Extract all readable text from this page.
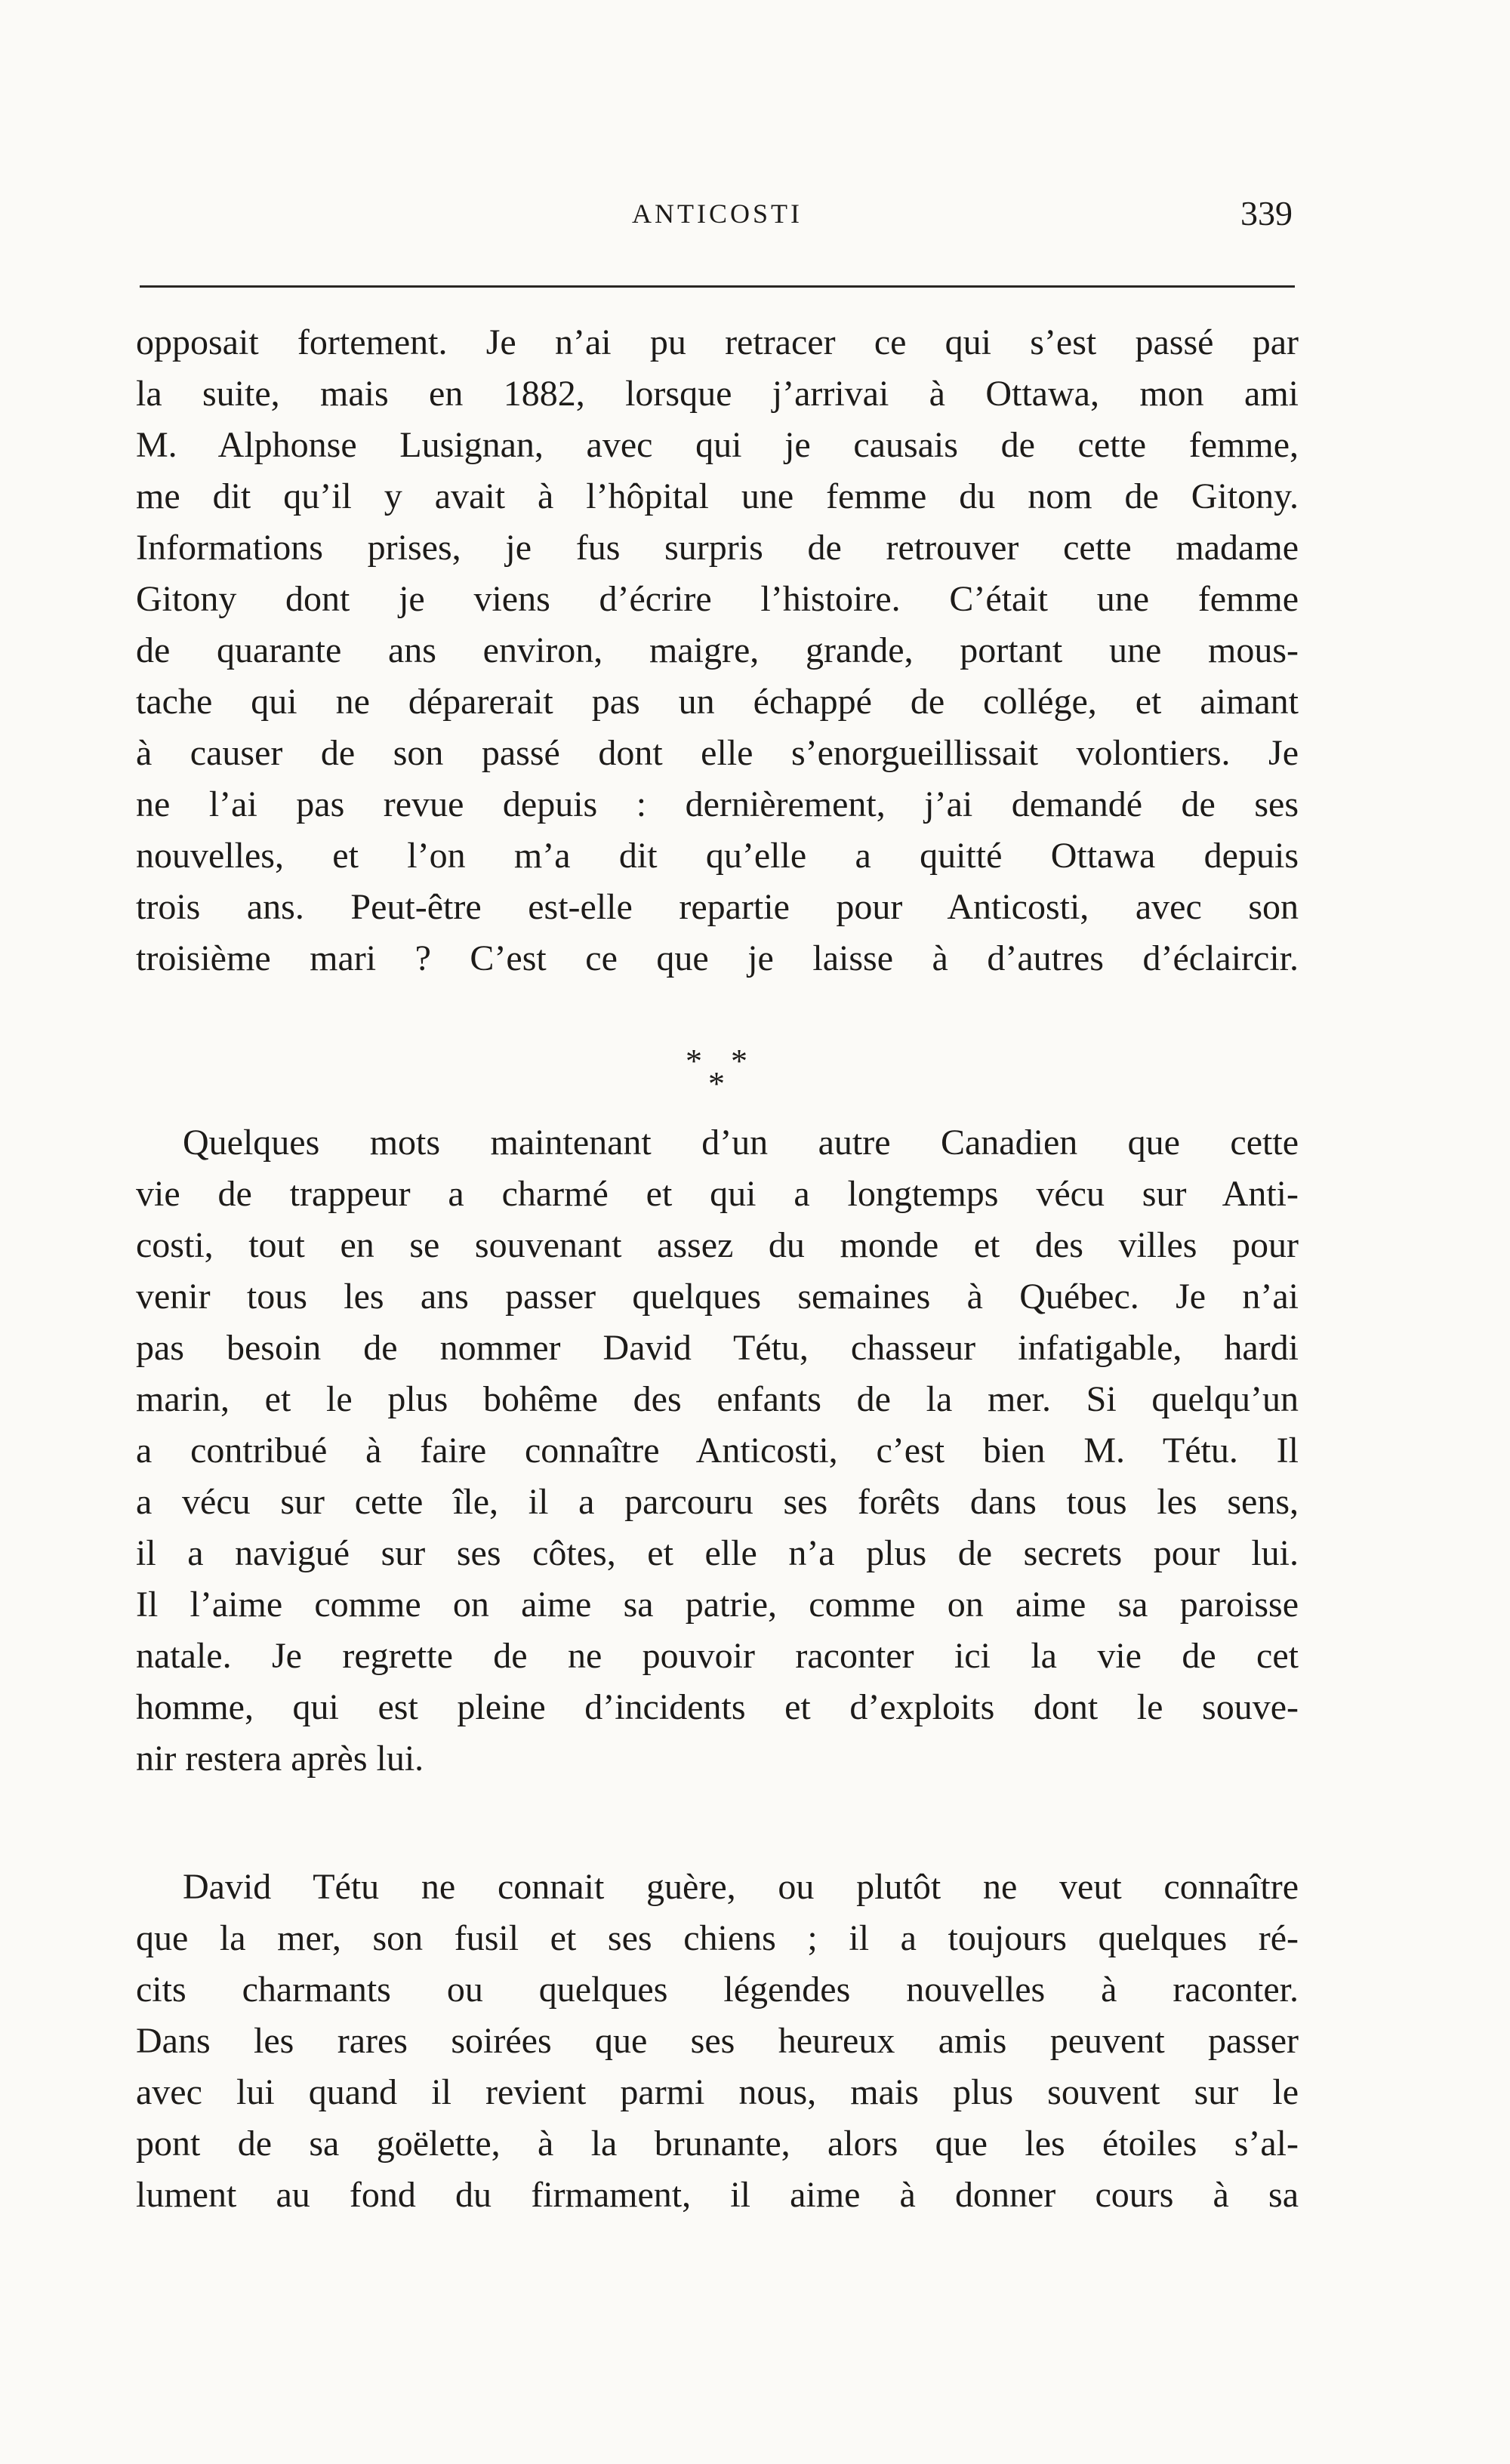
ANTICOSTI	339
opposait fortement. Je n’ai pu retracer ce qui s’est passé par
la suite, mais en 1882, lorsque j’arrivai à Ottawa, mon ami
M. Alphonse Lusignan, avec qui je causais de cette femme,
me dit qu’il y avait à l’hôpital une femme du nom de Gitony.
Informations prises, je fus surpris de retrouver cette madame
Gitony dont je viens d’écrire l’histoire. C’était une femme
de quarante ans environ, maigre, grande, portant une mous-
tache qui ne déparerait pas un échappé de collége, et aimant
à causer de son passé dont elle s’enorgueillissait volontiers. Je
ne l’ai pas revue depuis : dernièrement, j’ai demandé de ses
nouvelles, et l’on m’a dit qu’elle a quitté Ottawa depuis
trois ans. Peut-être est-elle repartie pour Anticosti, avec son
troisième mari ? C’est ce que je laisse à d’autres d’éclaircir.
* *
*
Quelques mots maintenant d’un autre Canadien que cette
vie de trappeur a charmé et qui a longtemps vécu sur Anti-
costi, tout en se souvenant assez du monde et des villes pour
venir tous les ans passer quelques semaines à Québec. Je n’ai
pas besoin de nommer David Tétu, chasseur infatigable, hardi
marin, et le plus bohême des enfants de la mer. Si quelqu’un
a contribué à faire connaître Anticosti, c’est bien M. Tétu. Il
a vécu sur cette île, il a parcouru ses forêts dans tous les sens,
il a navigué sur ses côtes, et elle n’a plus de secrets pour lui.
Il l’aime comme on aime sa patrie, comme on aime sa paroisse
natale. Je regrette de ne pouvoir raconter ici la vie de cet
homme, qui est pleine d’incidents et d’exploits dont le souve-
nir restera après lui.
David Tétu ne connait guère, ou plutôt ne veut connaître
que la mer, son fusil et ses chiens ; il a toujours quelques ré-
cits charmants ou quelques légendes nouvelles à raconter.
Dans les rares soirées que ses heureux amis peuvent passer
avec lui quand il revient parmi nous, mais plus souvent sur le
pont de sa goëlette, à la brunante, alors que les étoiles s’al-
lument au fond du firmament, il aime à donner cours à sa
